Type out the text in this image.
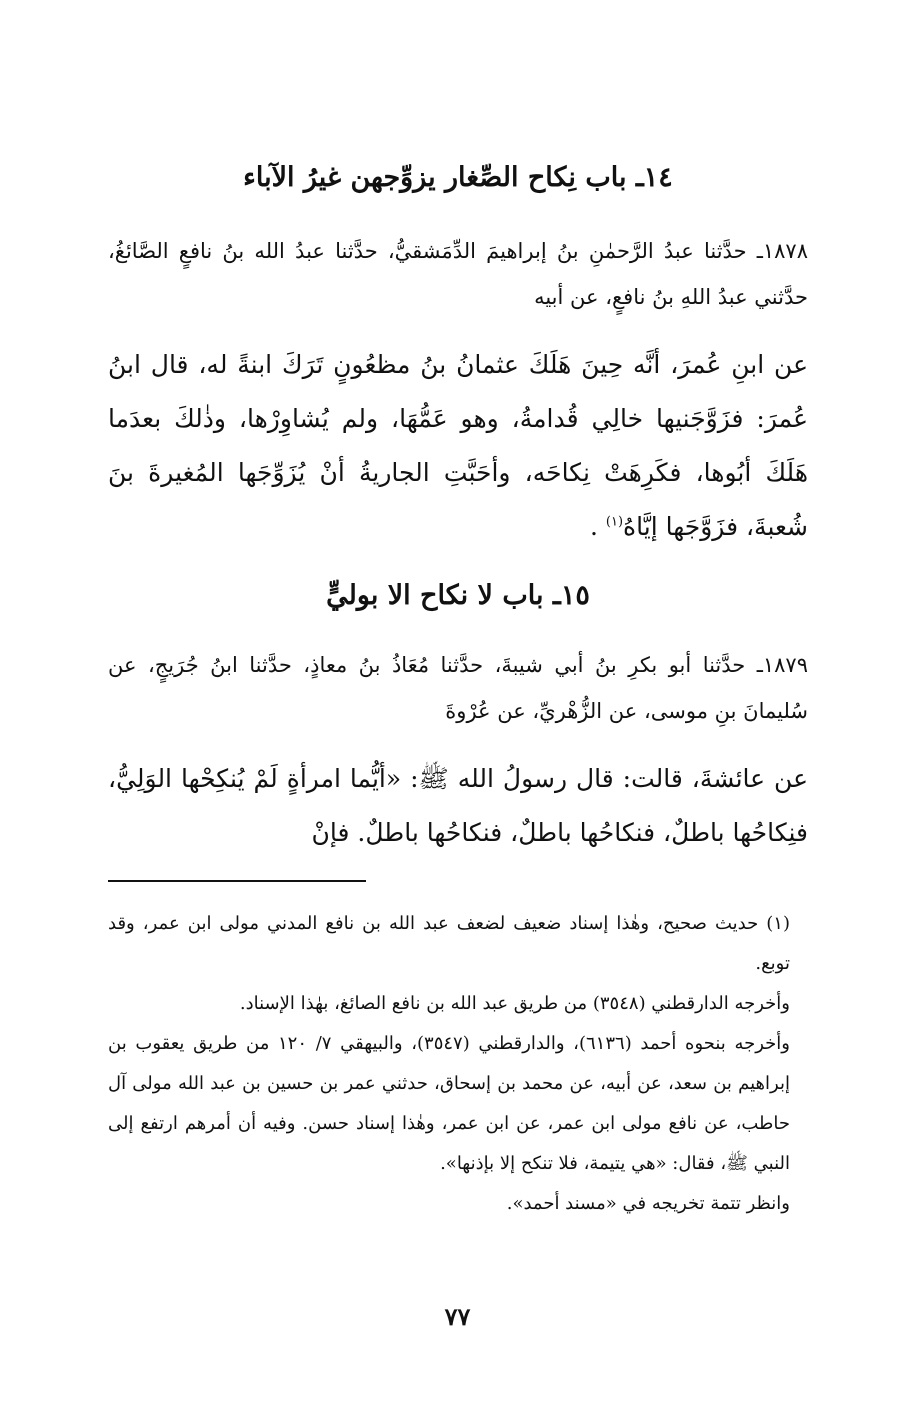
١٤ـ باب نِكاح الصِّغار يزوِّجهن غيرُ الآباء

١٨٧٨ـ حدَّثنا عبدُ الرَّحمٰنِ بنُ إبراهيمَ الدِّمَشقيُّ، حدَّثنا عبدُ الله بنُ نافعٍ الصَّائغُ، حدَّثني عبدُ اللهِ بنُ نافعٍ، عن أبيه

عن ابنِ عُمرَ، أنَّه حِينَ هَلَكَ عثمانُ بنُ مظعُونٍ تَرَكَ ابنةً له، قال ابنُ عُمرَ: فزَوَّجَنيها خالِي قُدامةُ، وهو عَمُّهَا، ولم يُشاوِرْها، وذٰلكَ بعدَما هَلَكَ أبُوها، فكَرِهَتْ نِكاحَه، وأحَبَّتِ الجاريةُ أنْ يُزَوِّجَها المُغيرةَ بنَ شُعبةَ، فزَوَّجَها إيَّاهُ$^{(١)}$ .

١٥ـ باب لا نكاح الا بوليٍّ

١٨٧٩ـ حدَّثنا أبو بكرِ بنُ أبي شيبةَ، حدَّثنا مُعَاذُ بنُ معاذٍ، حدَّثنا ابنُ جُرَيجٍ، عن سُليمانَ بنِ موسى، عن الزُّهْريِّ، عن عُرْوةَ

عن عائشةَ، قالت: قال رسولُ الله ﷺ: «أيُّما امرأةٍ لَمْ يُنكِحْها الوَلِيُّ، فنِكاحُها باطلٌ، فنكاحُها باطلٌ، فنكاحُها باطلٌ. فإنْ

(١) حديث صحيح، وهٰذا إسناد ضعيف لضعف عبد الله بن نافع المدني مولى ابن عمر، وقد توبع.

وأخرجه الدارقطني (٣٥٤٨) من طريق عبد الله بن نافع الصائغ، بهٰذا الإسناد.

وأخرجه بنحوه أحمد (٦١٣٦)، والدارقطني (٣٥٤٧)، والبيهقي ٧/ ١٢٠ من طريق يعقوب بن إبراهيم بن سعد، عن أبيه، عن محمد بن إسحاق، حدثني عمر بن حسين بن عبد الله مولى آل حاطب، عن نافع مولى ابن عمر، عن ابن عمر، وهٰذا إسناد حسن. وفيه أن أمرهم ارتفع إلى النبي ﷺ، فقال: «هي يتيمة، فلا تنكح إلا بإذنها».

وانظر تتمة تخريجه في «مسند أحمد».

٧٧
